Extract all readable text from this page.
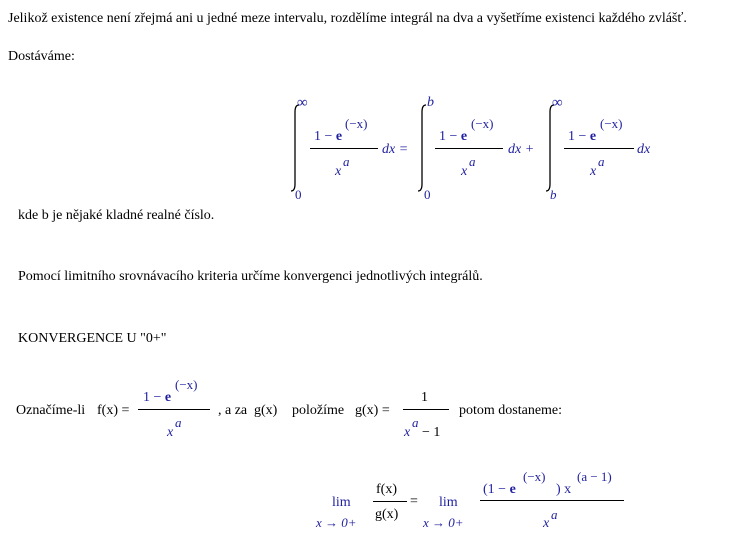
Jelikož existence není zřejmá ani u jedné meze intervalu, rozdělíme integrál na dva a vyšetříme existenci každého zvlášť.
Dostáváme:
∞
0
(−x)
1 − e
x
a
dx =
b
0
(−x)
1 − e
x
a
dx +
∞
b
(−x)
1 − e
x
a
dx
kde b je nějaké kladné realné číslo.
Pomocí limitního srovnávacího kriteria určíme konvergenci jednotlivých integrálů.
KONVERGENCE U "0+"
Označíme-li f(x) =
(−x)
1 − e
x
a
, a za g(x) položíme g(x) =
1
x
a
− 1
potom dostaneme:
lim
x → 0+
f(x)
g(x)
= lim
x → 0+
(−x)
(1 − e	) x
(a − 1)
x
a
